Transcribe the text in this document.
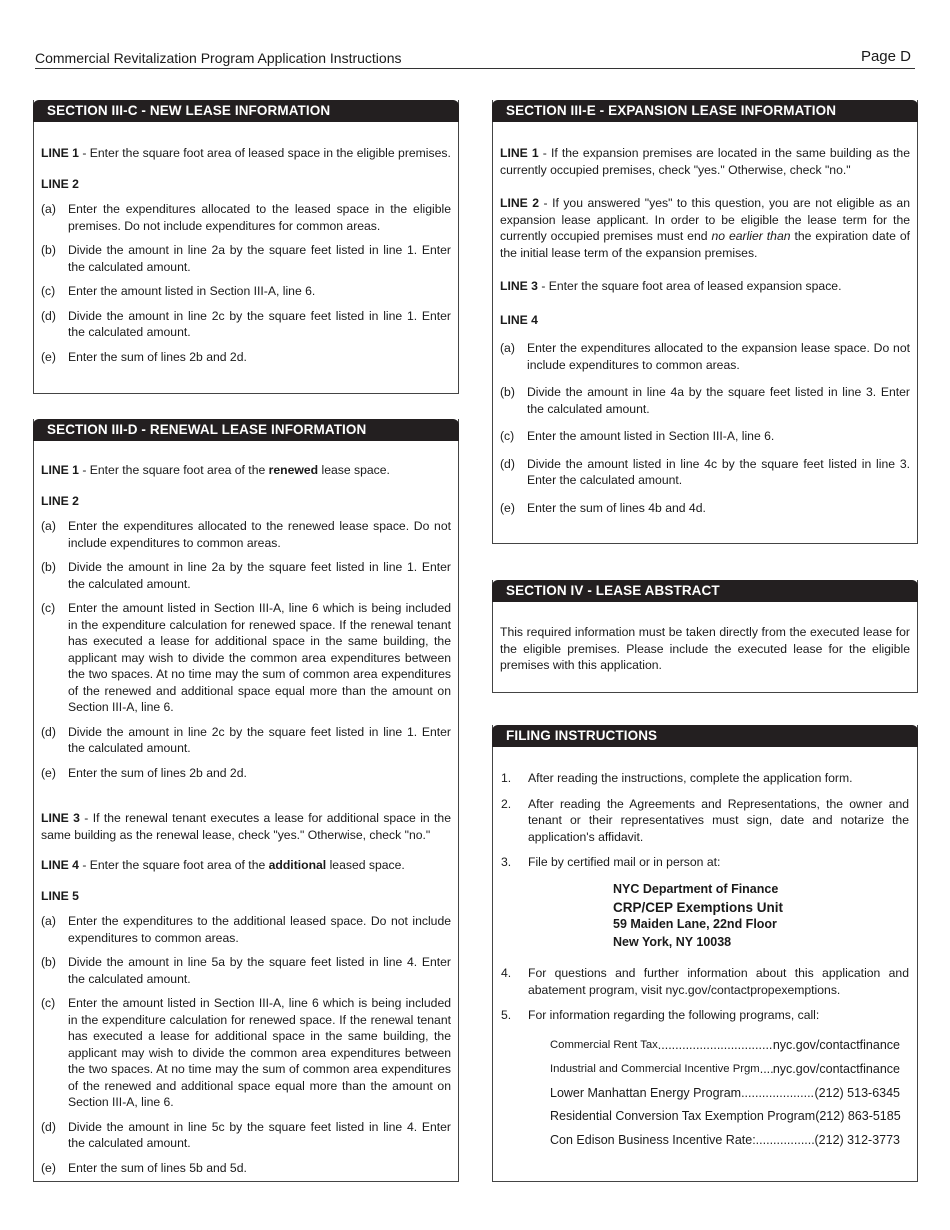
Commercial Revitalization Program Application Instructions	Page D
SECTION III-C - NEW LEASE INFORMATION

LINE 1 - Enter the square foot area of leased space in the eligible premises.

LINE 2

(a) Enter the expenditures allocated to the leased space in the eligible premises. Do not include expenditures for common areas.
(b) Divide the amount in line 2a by the square feet listed in line 1. Enter the calculated amount.
(c)	Enter the amount listed in Section III-A, line 6.
(d) Divide the amount in line 2c by the square feet listed in line 1. Enter the calculated amount.
(e) Enter the sum of lines 2b and 2d.
SECTION III-D - RENEWAL LEASE INFORMATION

LINE 1 - Enter the square foot area of the renewed lease space.

LINE 2

(a) Enter the expenditures allocated to the renewed lease space. Do not include expenditures to common areas.
(b) Divide the amount in line 2a by the square feet listed in line 1. Enter the calculated amount.
(c)	Enter the amount listed in Section III-A, line 6 which is being included in the expenditure calculation for renewed space. If the renewal tenant has executed a lease for additional space in the same building, the applicant may wish to divide the common area expenditures between the two spaces. At no time may the sum of common area expenditures of the renewed and additional space equal more than the amount on Section III-A, line 6.
(d) Divide the amount in line 2c by the square feet listed in line 1. Enter the calculated amount.
(e) Enter the sum of lines 2b and 2d.

LINE 3 - If the renewal tenant executes a lease for additional space in the same building as the renewal lease, check "yes." Otherwise, check "no."

LINE 4 - Enter the square foot area of the additional leased space.

LINE 5

(a) Enter the expenditures to the additional leased space. Do not include expenditures to common areas.
(b) Divide the amount in line 5a by the square feet listed in line 4. Enter the calculated amount.
(c)	Enter the amount listed in Section III-A, line 6 which is being included in the expenditure calculation for renewed space. If the renewal tenant has executed a lease for additional space in the same building, the applicant may wish to divide the common area expenditures between the two spaces. At no time may the sum of common area expenditures of the renewed and additional space equal more than the amount on Section III-A, line 6.
(d) Divide the amount in line 5c by the square feet listed in line 4. Enter the calculated amount.
(e) Enter the sum of lines 5b and 5d.
SECTION III-E - EXPANSION LEASE INFORMATION

LINE 1 - If the expansion premises are located in the same building as the currently occupied premises, check "yes." Otherwise, check "no."

LINE 2 - If you answered "yes" to this question, you are not eligible as an expansion lease applicant. In order to be eligible the lease term for the currently occupied premises must end no earlier than the expiration date of the initial lease term of the expansion premises.

LINE 3 - Enter the square foot area of leased expansion space.

LINE 4

(a) Enter the expenditures allocated to the expansion lease space. Do not include expenditures to common areas.
(b) Divide the amount in line 4a by the square feet listed in line 3. Enter the calculated amount.
(c)	Enter the amount listed in Section III-A, line 6.
(d) Divide the amount listed in line 4c by the square feet listed in line 3. Enter the calculated amount.
(e) Enter the sum of lines 4b and 4d.
SECTION IV - LEASE ABSTRACT

This required information must be taken directly from the executed lease for the eligible premises. Please include the executed lease for the eligible premises with this application.

FILING INSTRUCTIONS
1.	After reading the instructions, complete the application form.
2.	After reading the Agreements and Representations, the owner and tenant or their representatives must sign, date and notarize the application's affidavit.
3.	File by certified mail or in person at:
NYC Department of Finance
CRP/CEP Exemptions Unit
59 Maiden Lane, 22nd Floor
New York, NY 10038
4.	For questions and further information about this application and abatement program, visit nyc.gov/contactpropexemptions.
5.	For information regarding the following programs, call:
Commercial Rent Tax .....	nyc.gov/contactfinance
Industrial and Commercial Incentive Prgm ..... nyc.gov/contactfinance
Lower Manhattan Energy Program .....	(212) 513-6345
Residential Conversion Tax Exemption Program (212) 863-5185
Con Edison Business Incentive Rate: .....	(212) 312-3773
